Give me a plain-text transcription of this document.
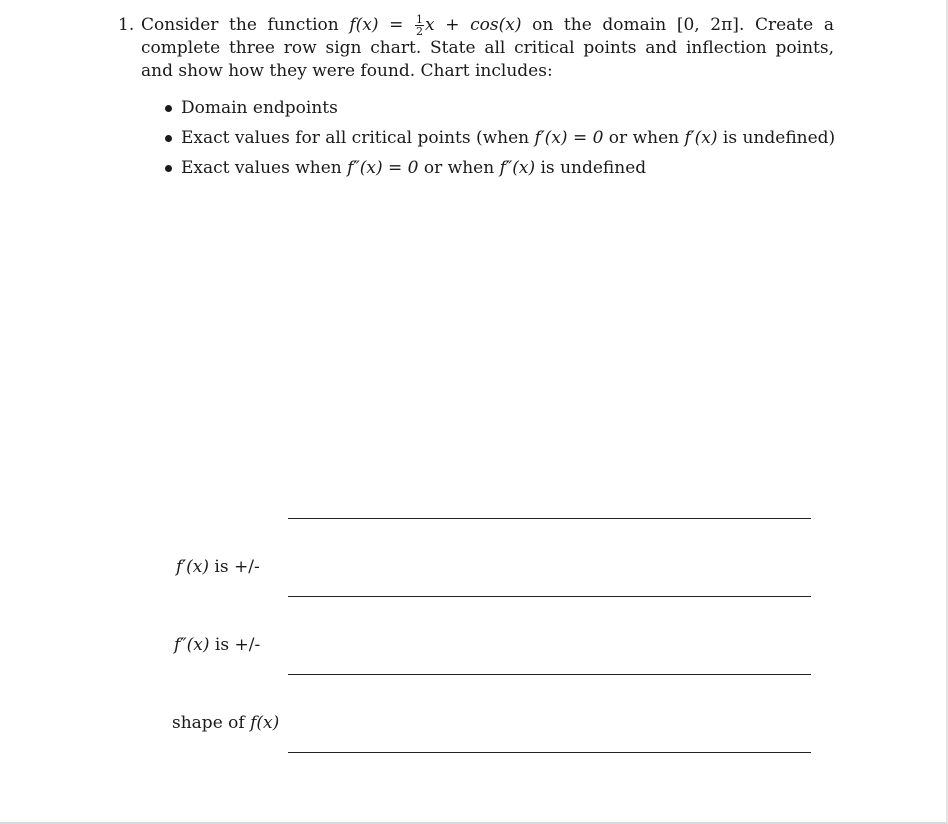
1. Consider the function $f(x) = \frac{1}{2}$ x + cos(x) on the domain [0, 2π]. Create a complete three row sign chart. State all critical points and inflection points, and show how they were found. Chart includes:
Domain endpoints
Exact values for all critical points (when f′(x) = 0 or when f′(x) is undefined)
Exact values when f″(x) = 0 or when f″(x) is undefined
f′(x) is +/-
f″(x) is +/-
shape of f(x)
